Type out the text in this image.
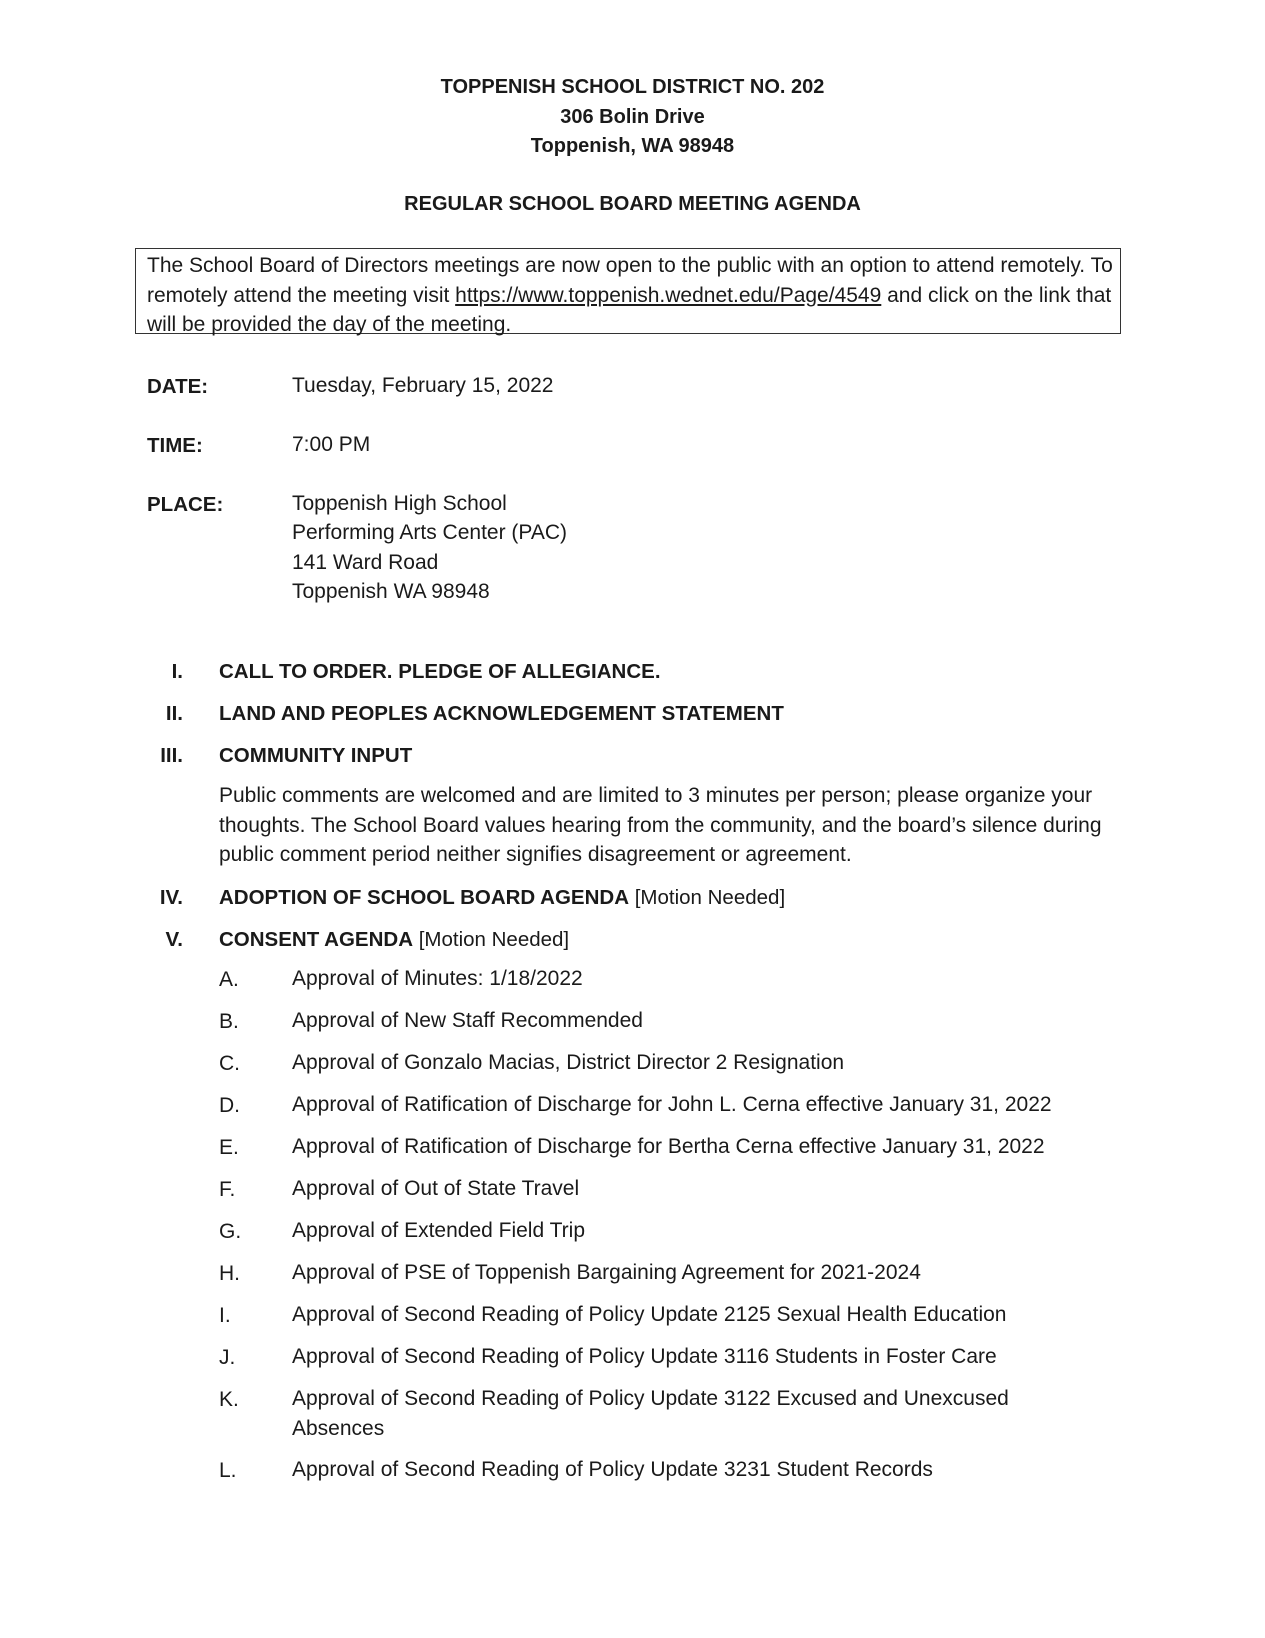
TOPPENISH SCHOOL DISTRICT NO. 202
306 Bolin Drive
Toppenish, WA 98948
REGULAR SCHOOL BOARD MEETING AGENDA
The School Board of Directors meetings are now open to the public with an option to attend remotely. To remotely attend the meeting visit https://www.toppenish.wednet.edu/Page/4549 and click on the link that will be provided the day of the meeting.
DATE:	Tuesday, February 15, 2022
TIME:	7:00 PM
PLACE:	Toppenish High School
Performing Arts Center (PAC)
141 Ward Road
Toppenish WA 98948
I. CALL TO ORDER. PLEDGE OF ALLEGIANCE.
II. LAND AND PEOPLES ACKNOWLEDGEMENT STATEMENT
III. COMMUNITY INPUT
Public comments are welcomed and are limited to 3 minutes per person; please organize your thoughts. The School Board values hearing from the community, and the board’s silence during public comment period neither signifies disagreement or agreement.
IV. ADOPTION OF SCHOOL BOARD AGENDA [Motion Needed]
V. CONSENT AGENDA [Motion Needed]
A.	Approval of Minutes: 1/18/2022
B.	Approval of New Staff Recommended
C. Approval of Gonzalo Macias, District Director 2 Resignation
D. Approval of Ratification of Discharge for John L. Cerna effective January 31, 2022
E.	Approval of Ratification of Discharge for Bertha Cerna effective January 31, 2022
F.	Approval of Out of State Travel
G. Approval of Extended Field Trip
H. Approval of PSE of Toppenish Bargaining Agreement for 2021-2024
I.	Approval of Second Reading of Policy Update 2125 Sexual Health Education
J.	Approval of Second Reading of Policy Update 3116 Students in Foster Care
K.	Approval of Second Reading of Policy Update 3122 Excused and Unexcused Absences
L.	Approval of Second Reading of Policy Update 3231 Student Records
